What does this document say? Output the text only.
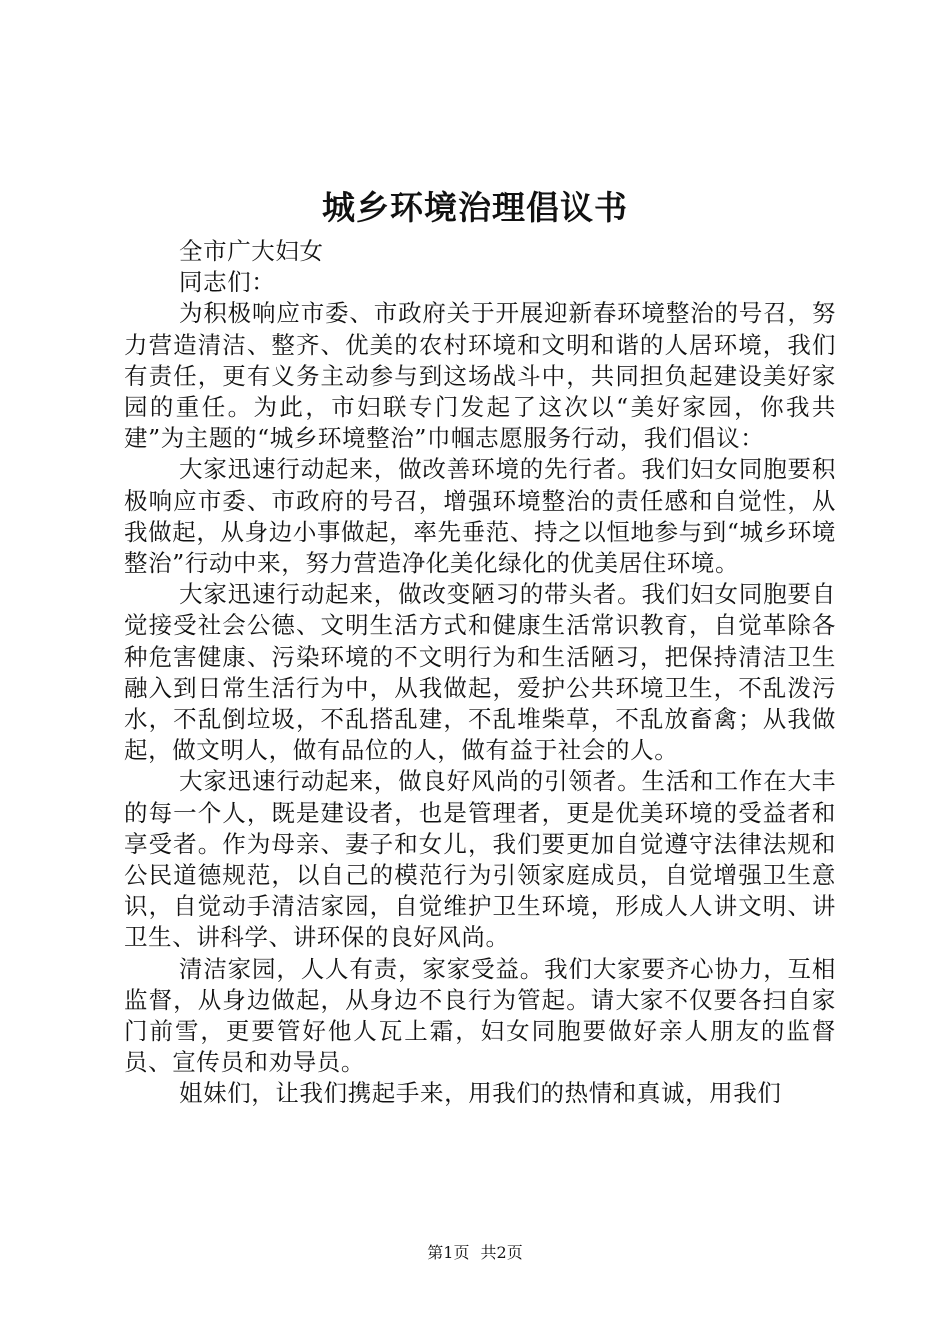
城乡环境治理倡议书

全市广大妇女

同志们：

为积极响应市委、市政府关于开展迎新春环境整治的号召，努力营造清洁、整齐、优美的农村环境和文明和谐的人居环境，我们有责任，更有义务主动参与到这场战斗中，共同担负起建设美好家园的重任。为此，市妇联专门发起了这次以“美好家园，你我共建”为主题的“城乡环境整治”巾帼志愿服务行动，我们倡议：

大家迅速行动起来，做改善环境的先行者。我们妇女同胞要积极响应市委、市政府的号召，增强环境整治的责任感和自觉性，从我做起，从身边小事做起，率先垂范、持之以恒地参与到“城乡环境整治”行动中来，努力营造净化美化绿化的优美居住环境。

大家迅速行动起来，做改变陋习的带头者。我们妇女同胞要自觉接受社会公德、文明生活方式和健康生活常识教育，自觉革除各种危害健康、污染环境的不文明行为和生活陋习，把保持清洁卫生融入到日常生活行为中，从我做起，爱护公共环境卫生，不乱泼污水，不乱倒垃圾，不乱搭乱建，不乱堆柴草，不乱放畜禽；从我做起，做文明人，做有品位的人，做有益于社会的人。

大家迅速行动起来，做良好风尚的引领者。生活和工作在大丰的每一个人，既是建设者，也是管理者，更是优美环境的受益者和享受者。作为母亲、妻子和女儿，我们要更加自觉遵守法律法规和公民道德规范，以自己的模范行为引领家庭成员，自觉增强卫生意识，自觉动手清洁家园，自觉维护卫生环境，形成人人讲文明、讲卫生、讲科学、讲环保的良好风尚。

清洁家园，人人有责，家家受益。我们大家要齐心协力，互相监督，从身边做起，从身边不良行为管起。请大家不仅要各扫自家门前雪，更要管好他人瓦上霜，妇女同胞要做好亲人朋友的监督员、宣传员和劝导员。

姐妹们，让我们携起手来，用我们的热情和真诚，用我们

第1页 共2页
